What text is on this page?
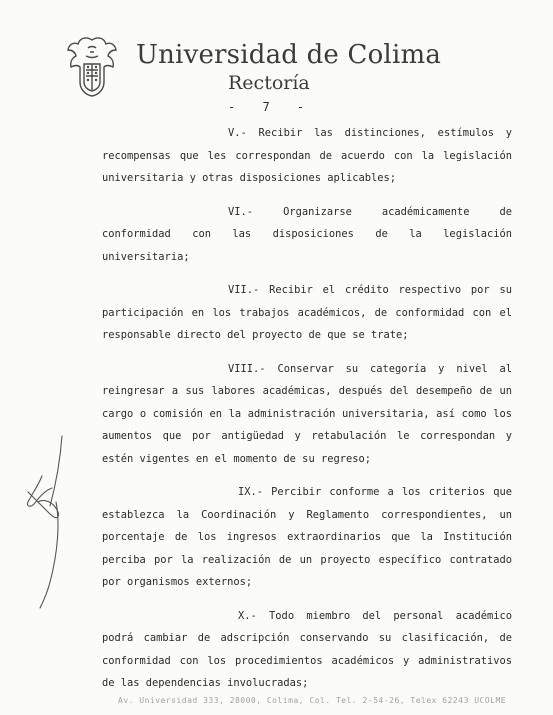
Universidad de Colima
Rectoría
- 7 -

V.- Recibir las distinciones, estímulos y recompensas que les correspondan de acuerdo con la legislación universitaria y otras disposiciones aplicables;

VI.-	Organizarse académicamente de conformidad con las disposiciones de la legislación universitaria;

VII.- Recibir el crédito respectivo por su participación en los trabajos académicos, de conformidad con el responsable directo del proyecto de que se trate;

VIII.- Conservar su categoría y nivel al reingresar a sus labores académicas, después del desempeño de un cargo o comisión en la administración universitaria, así como los aumentos que por antigüedad y retabulación le correspondan y estén vigentes en el momento de su regreso;

IX.- Percibir conforme a los criterios que establezca la Coordinación y Reglamento correspondientes, un porcentaje de los ingresos extraordinarios que la Institución perciba por la realización de un proyecto específico contratado por organismos externos;

X.- Todo miembro del personal académico podrá cambiar de adscripción conservando su clasificación, de conformidad con los procedimientos académicos y administrativos de las dependencias involucradas;

Av. Universidad 333, 28000, Colima, Col. Tel. 2-54-26, Telex 62243 UCOLME
